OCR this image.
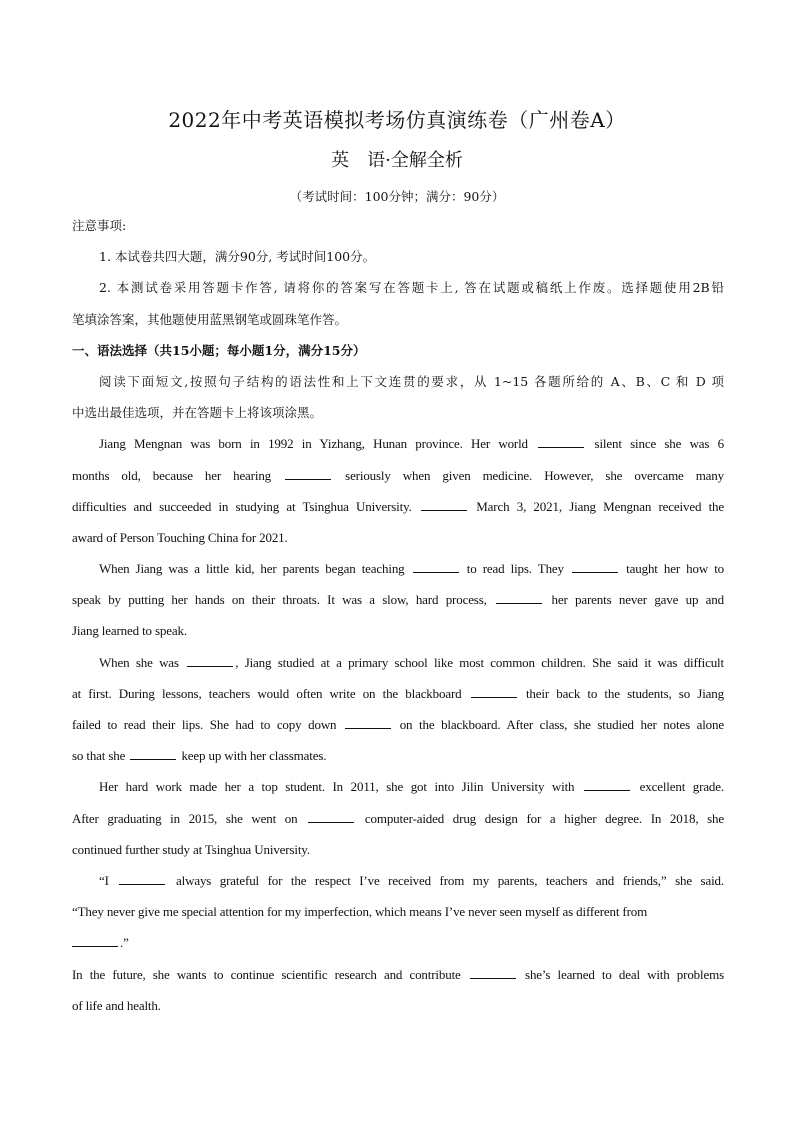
2022年中考英语模拟考场仿真演练卷（广州卷A）
英 语·全解全析
（考试时间：100分钟；满分：90分）
注意事项:
1. 本试卷共四大题，满分90分, 考试时间100分。
2. 本测试卷采用答题卡作答, 请将你的答案写在答题卡上, 答在试题或稿纸上作废。选择题使用2B铅
笔填涂答案，其他题使用蓝黑钢笔或圆珠笔作答。
一、语法选择（共15小题；每小题1分，满分15分）
阅读下面短文,按照句子结构的语法性和上下文连贯的要求，从 1~15 各题所给的 A、B、C 和 D 项
中选出最佳选项，并在答题卡上将该项涂黑。
Jiang Mengnan was born in 1992 in Yizhang, Hunan province. Her world	silent since she was 6
months old, because her hearing	seriously when given medicine. However, she overcame many
difficulties and succeeded in studying at Tsinghua University.	March 3, 2021, Jiang Mengnan received the
award of Person Touching China for 2021.
When Jiang was a little kid, her parents began teaching	to read lips. They	taught her how to
speak by putting her hands on their throats. It was a slow, hard process,	her parents never gave up and
Jiang learned to speak.
When she was	, Jiang studied at a primary school like most common children. She said it was difficult
at first. During lessons, teachers would often write on the blackboard	their back to the students, so Jiang
failed to read their lips. She had to copy down	on the blackboard. After class, she studied her notes alone
so that she	keep up with her classmates.
Her hard work made her a top student. In 2011, she got into Jilin University with	excellent grade.
After graduating in 2015, she went on	computer-aided drug design for a higher degree. In 2018, she
continued further study at Tsinghua University.
“I	always grateful for the respect I’ve received from my parents, teachers and friends,” she said.
“They never give me special attention for my imperfection, which means I’ve never seen myself as different from
.”
In the future, she wants to continue scientific research and contribute	she’s learned to deal with problems
of life and health.
